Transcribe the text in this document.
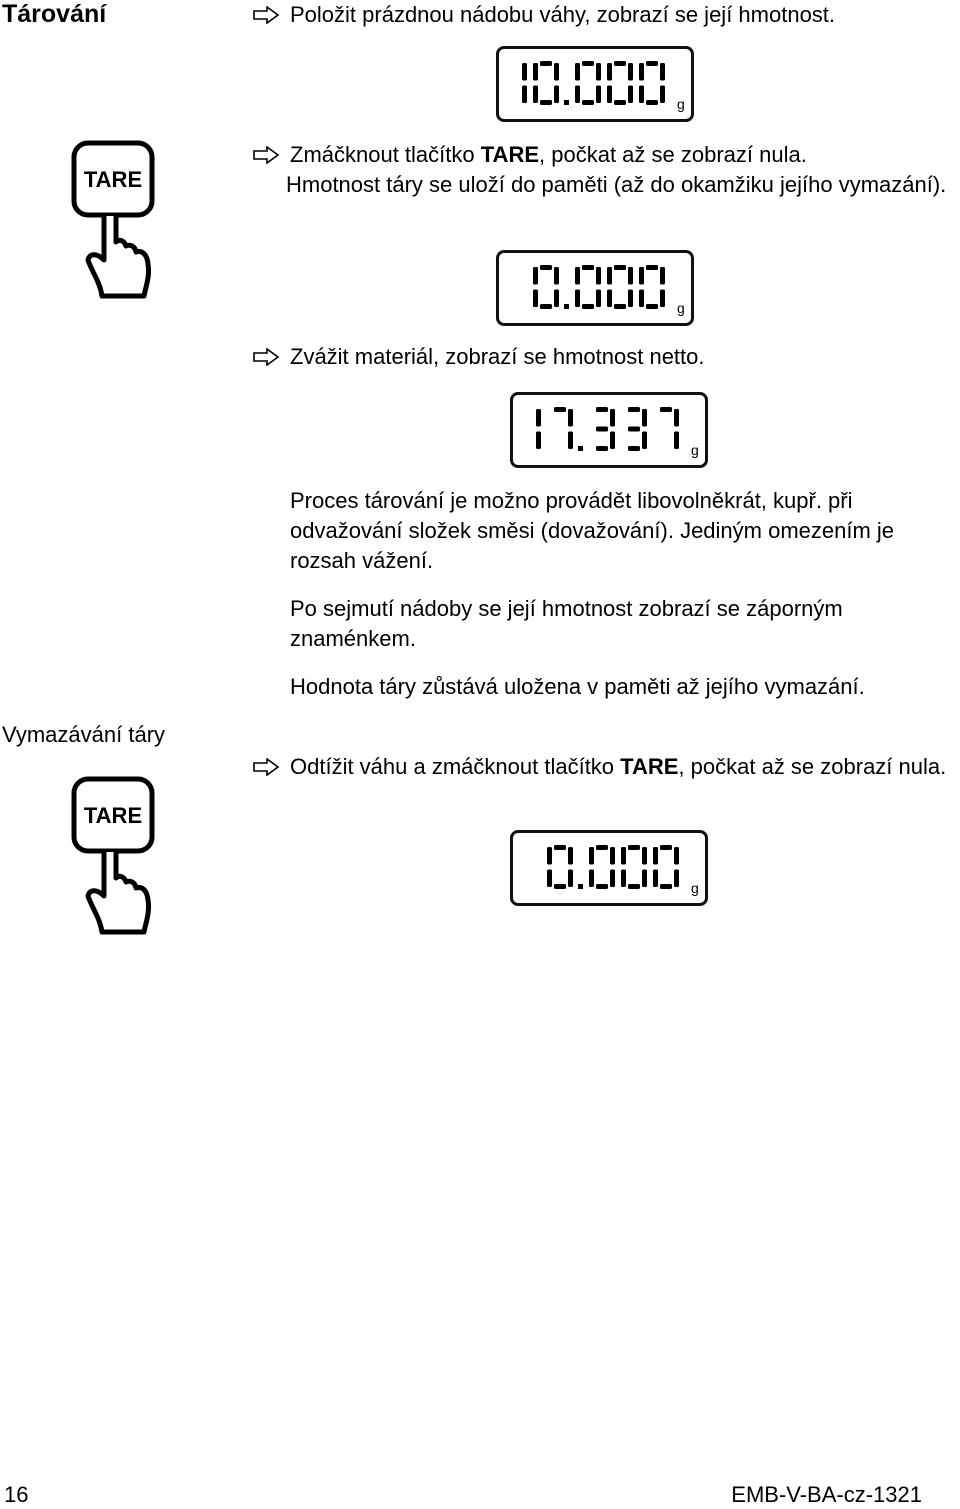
Tárování
Vymazávání táry
Položit prázdnou nádobu váhy, zobrazí se její hmotnost.
g
TARE
Zmáčknout tlačítko TARE, počkat až se zobrazí nula.
Hmotnost táry se uloží do paměti (až do okamžiku jejího vymazání).
g
Zvážit materiál, zobrazí se hmotnost netto.
g
Proces tárování je možno provádět libovolněkrát, kupř. při odvažování složek směsi (dovažování). Jediným omezením je rozsah vážení.
Po sejmutí nádoby se její hmotnost zobrazí se záporným znaménkem.
Hodnota táry zůstává uložena v paměti až jejího vymazání.
TARE
Odtížit váhu a zmáčknout tlačítko TARE, počkat až se zobrazí nula.
g
16	EMB-V-BA-cz-1321
